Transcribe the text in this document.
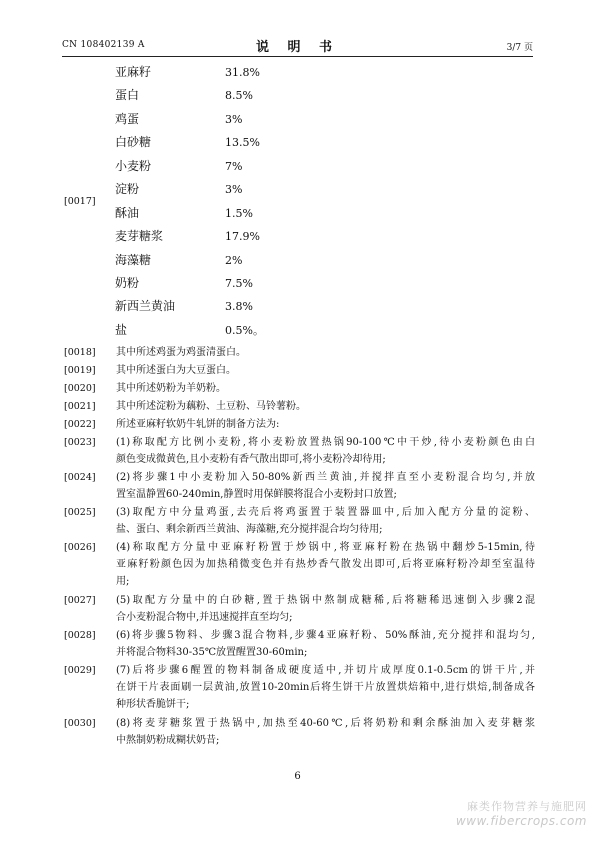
CN 108402139 A	说 明 书	3/7 页
[0017]
亚麻籽	31.8%
蛋白	8.5%
鸡蛋	3%
白砂糖	13.5%
小麦粉	7%
淀粉	3%
酥油	1.5%
麦芽糖浆	17.9%
海藻糖	2%
奶粉	7.5%
新西兰黄油	3.8%
盐	0.5%。
[0018] 其中所述鸡蛋为鸡蛋清蛋白。
[0019] 其中所述蛋白为大豆蛋白。
[0020] 其中所述奶粉为羊奶粉。
[0021] 其中所述淀粉为藕粉、土豆粉、马铃薯粉。
[0022] 所述亚麻籽软奶牛轧饼的制备方法为:
[0023] (1)称取配方比例小麦粉,将小麦粉放置热锅90-100℃中干炒,待小麦粉颜色由白
颜色变成微黄色,且小麦粉有香气散出即可,将小麦粉冷却待用;
[0024] (2)将步骤1中小麦粉加入50-80%新西兰黄油,并搅拌直至小麦粉混合均匀,并放
置室温静置60-240min,静置时用保鲜膜将混合小麦粉封口放置;
[0025] (3)取配方中分量鸡蛋,去壳后将鸡蛋置于装置器皿中,后加入配方分量的淀粉、
盐、蛋白、剩余新西兰黄油、海藻糖,充分搅拌混合均匀待用;
[0026] (4)称取配方分量中亚麻籽粉置于炒锅中,将亚麻籽粉在热锅中翻炒5-15min,待
亚麻籽粉颜色因为加热稍微变色并有热炒香气散发出即可,后将亚麻籽粉冷却至室温待
用;
[0027] (5)取配方分量中的白砂糖,置于热锅中熬制成糖稀,后将糖稀迅速倒入步骤2混
合小麦粉混合物中,并迅速搅拌直至均匀;
[0028] (6)将步骤5物料、步骤3混合物料,步骤4亚麻籽粉、50%酥油,充分搅拌和混均匀,
并将混合物料30-35℃放置醒置30-60min;
[0029] (7)后将步骤6醒置的物料制备成硬度适中,并切片成厚度0.1-0.5cm的饼干片,并
在饼干片表面刷一层黄油,放置10-20min后将生饼干片放置烘焙箱中,进行烘焙,制备成各
种形状香脆饼干;
[0030] (8)将麦芽糖浆置于热锅中,加热至40-60℃,后将奶粉和剩余酥油加入麦芽糖浆
中熬制奶粉成糊状奶昔;
6
麻类作物营养与施肥网
www.fibercrops.com
